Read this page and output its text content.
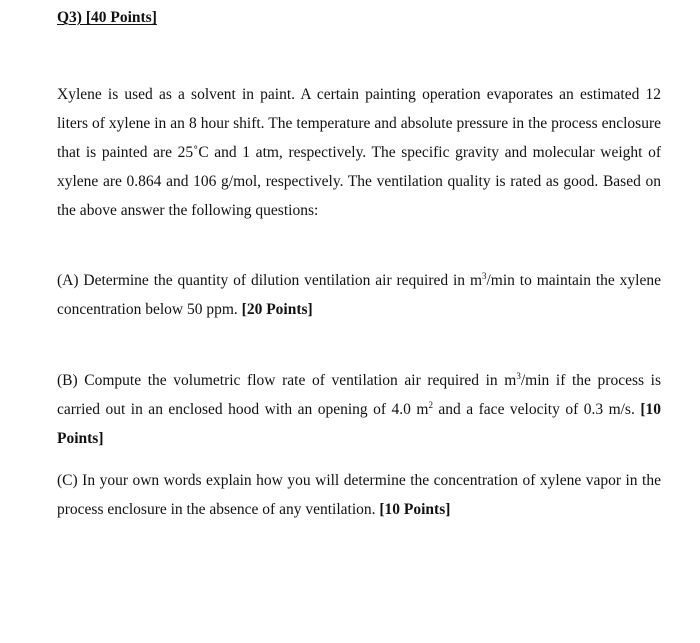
Q3) [40 Points]

Xylene is used as a solvent in paint. A certain painting operation evaporates an estimated 12 liters of xylene in an 8 hour shift. The temperature and absolute pressure in the process enclosure that is painted are 25˚C and 1 atm, respectively. The specific gravity and molecular weight of xylene are 0.864 and 106 g/mol, respectively. The ventilation quality is rated as good. Based on the above answer the following questions:

(A) Determine the quantity of dilution ventilation air required in $m^3/\min$ to maintain the xylene concentration below 50 ppm. [20 Points]

(B) Compute the volumetric flow rate of ventilation air required in $m^3/\min$ if the process is carried out in an enclosed hood with an opening of 4.0 $m^2$ and a face velocity of 0.3 m/s. [10 Points]

(C) In your own words explain how you will determine the concentration of xylene vapor in the process enclosure in the absence of any ventilation. [10 Points]
